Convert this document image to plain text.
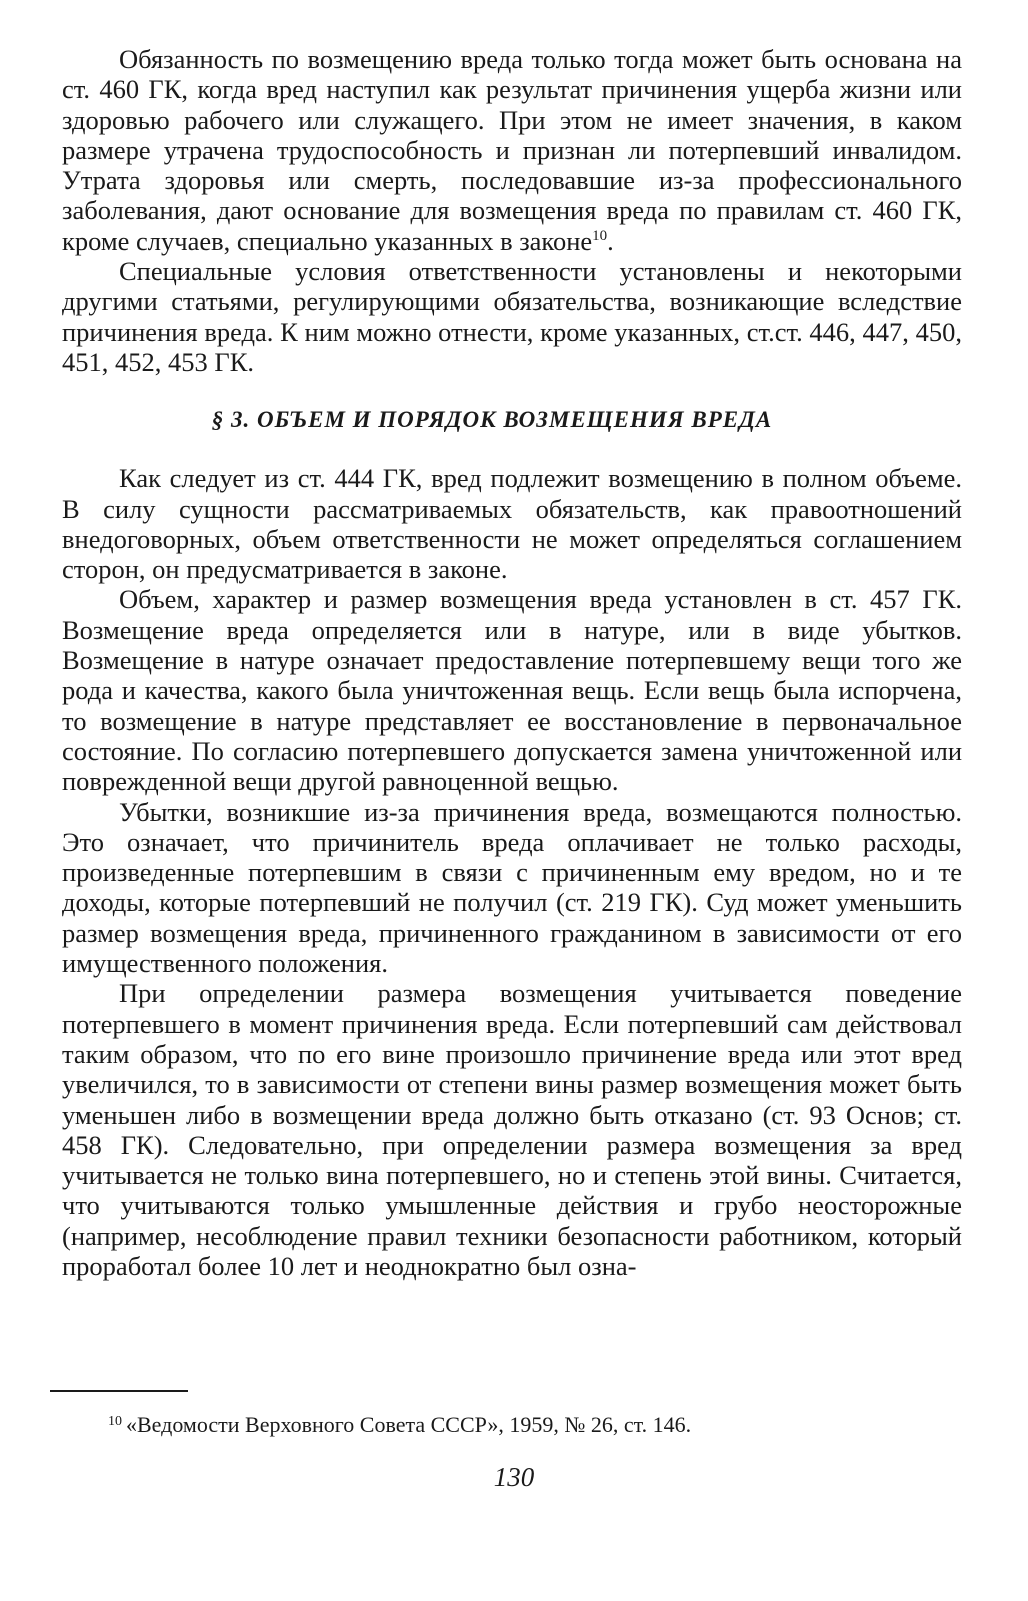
Обязанность по возмещению вреда только тогда может быть основана на ст. 460 ГК, когда вред наступил как результат причинения ущерба жизни или здоровью рабочего или служащего. При этом не имеет значения, в каком размере утрачена трудоспособность и признан ли потерпевший инвалидом. Утрата здоровья или смерть, последовавшие из-за профессионального заболевания, дают основание для возмещения вреда по правилам ст. 460 ГК, кроме случаев, специально указанных в законе$^{10}$.

Специальные условия ответственности установлены и некоторыми другими статьями, регулирующими обязательства, возникающие вследствие причинения вреда. К ним можно отнести, кроме указанных, ст.ст. 446, 447, 450, 451, 452, 453 ГК.

§ 3. ОБЪЕМ И ПОРЯДОК ВОЗМЕЩЕНИЯ ВРЕДА

Как следует из ст. 444 ГК, вред подлежит возмещению в полном объеме. В силу сущности рассматриваемых обязательств, как правоотношений внедоговорных, объем ответственности не может определяться соглашением сторон, он предусматривается в законе.

Объем, характер и размер возмещения вреда установлен в ст. 457 ГК. Возмещение вреда определяется или в натуре, или в виде убытков. Возмещение в натуре означает предоставление потерпевшему вещи того же рода и качества, какого была уничтоженная вещь. Если вещь была испорчена, то возмещение в натуре представляет ее восстановление в первоначальное состояние. По согласию потерпевшего допускается замена уничтоженной или поврежденной вещи другой равноценной вещью.

Убытки, возникшие из-за причинения вреда, возмещаются полностью. Это означает, что причинитель вреда оплачивает не только расходы, произведенные потерпевшим в связи с причиненным ему вредом, но и те доходы, которые потерпевший не получил (ст. 219 ГК). Суд может уменьшить размер возмещения вреда, причиненного гражданином в зависимости от его имущественного положения.

При определении размера возмещения учитывается поведение потерпевшего в момент причинения вреда. Если потерпевший сам действовал таким образом, что по его вине произошло причинение вреда или этот вред увеличился, то в зависимости от степени вины размер возмещения может быть уменьшен либо в возмещении вреда должно быть отказано (ст. 93 Основ; ст. 458 ГК). Следовательно, при определении размера возмещения за вред учитывается не только вина потерпевшего, но и степень этой вины. Считается, что учитываются только умышленные действия и грубо неосторожные (например, несоблюдение правил техники безопасности работником, который проработал более 10 лет и неоднократно был озна-

$^{10}$ «Ведомости Верховного Совета СССР», 1959, № 26, ст. 146.

130
